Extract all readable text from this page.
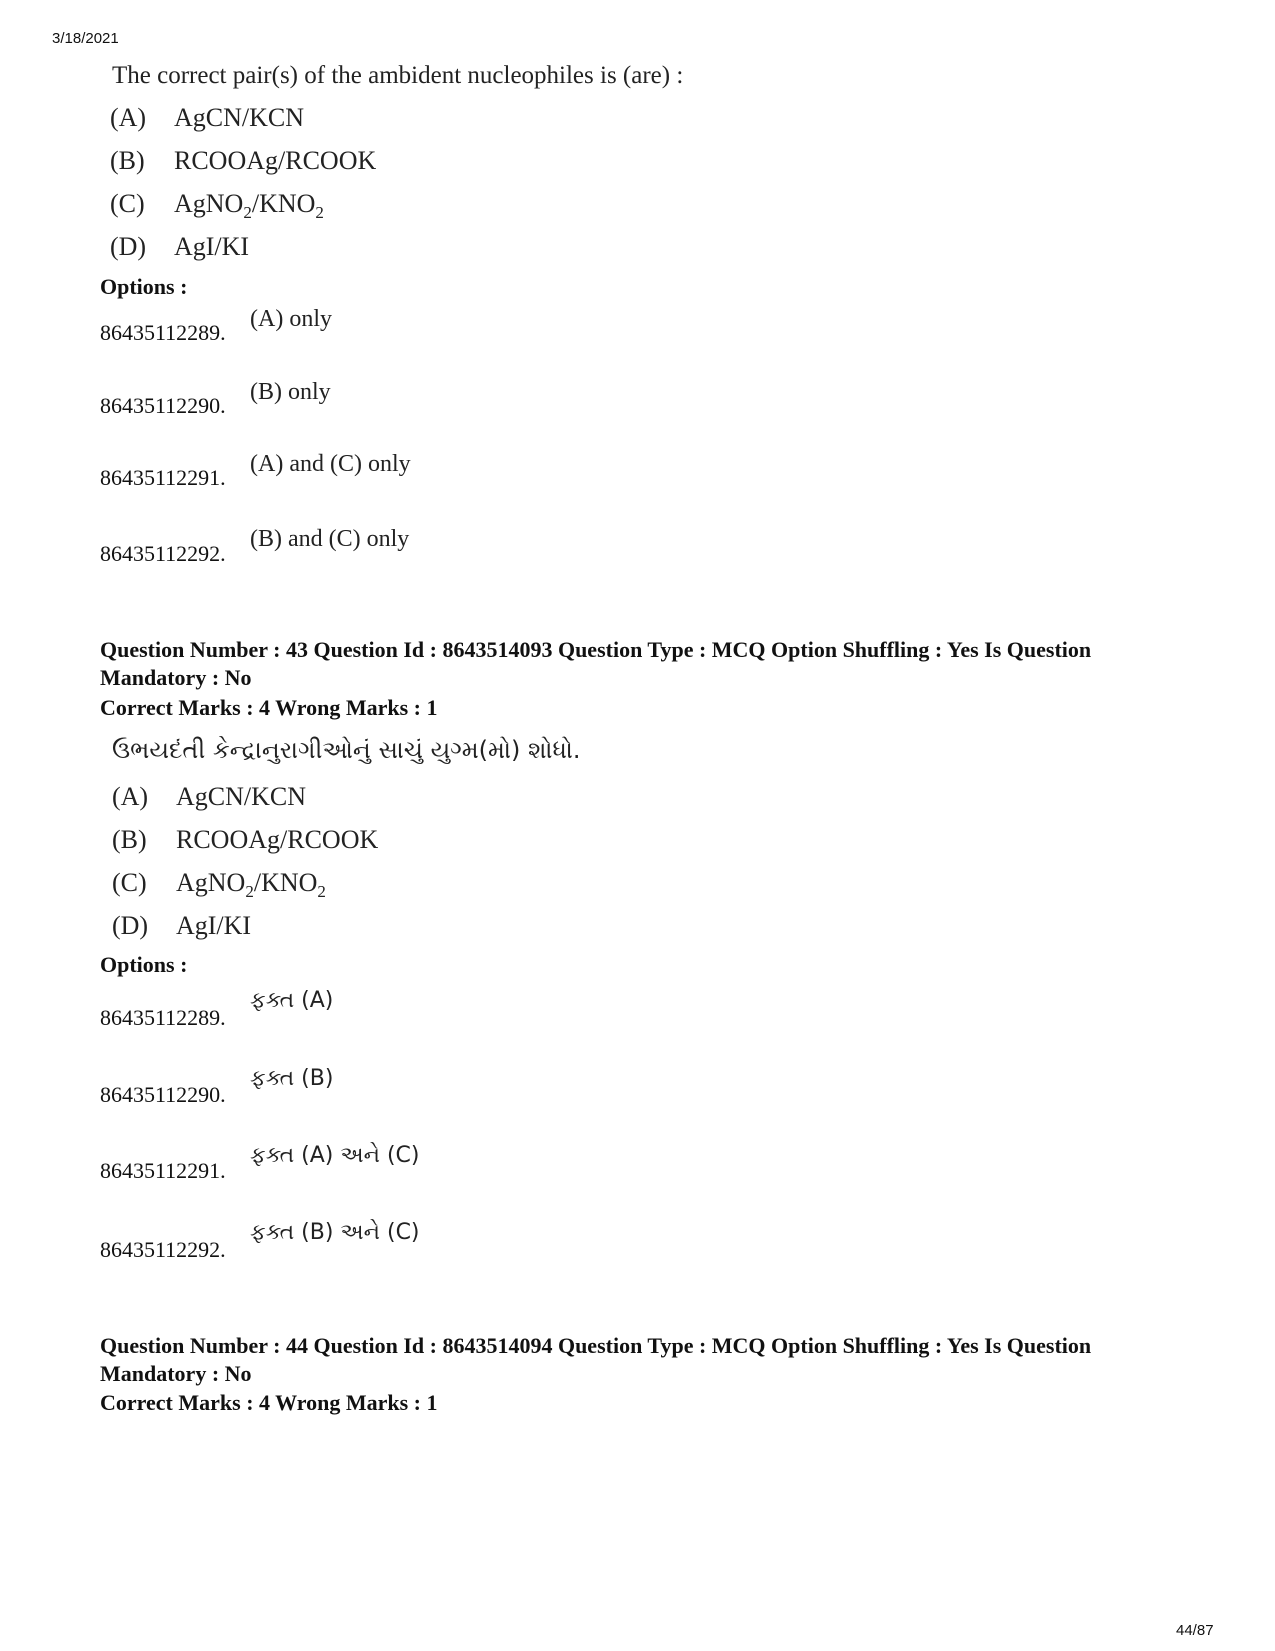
3/18/2021
The correct pair(s) of the ambident nucleophiles is (are) :
(A) AgCN/KCN
(B) RCOOAg/RCOOK
(C) $AgNO_2/KNO_2$
(D) AgI/KI
Options :
86435112289.
(A) only
86435112290.
(B) only
86435112291.
(A) and (C) only
86435112292.
(B) and (C) only
Question Number : 43 Question Id : 8643514093 Question Type : MCQ Option Shuffling : Yes Is Question Mandatory : No
Correct Marks : 4 Wrong Marks : 1
ઉભયદંતી કેન્દ્રાનુરાગીઓનું સાચું યુગ્મ(મો) શોધો.
(A) AgCN/KCN
(B) RCOOAg/RCOOK
(C) $AgNO_2/KNO_2$
(D) AgI/KI
Options :
86435112289.
ફક્ત (A)
86435112290.
ફક્ત (B)
86435112291.
ફક્ત (A) અને (C)
86435112292.
ફક્ત (B) અને (C)
Question Number : 44 Question Id : 8643514094 Question Type : MCQ Option Shuffling : Yes Is Question Mandatory : No
Correct Marks : 4 Wrong Marks : 1
44/87
